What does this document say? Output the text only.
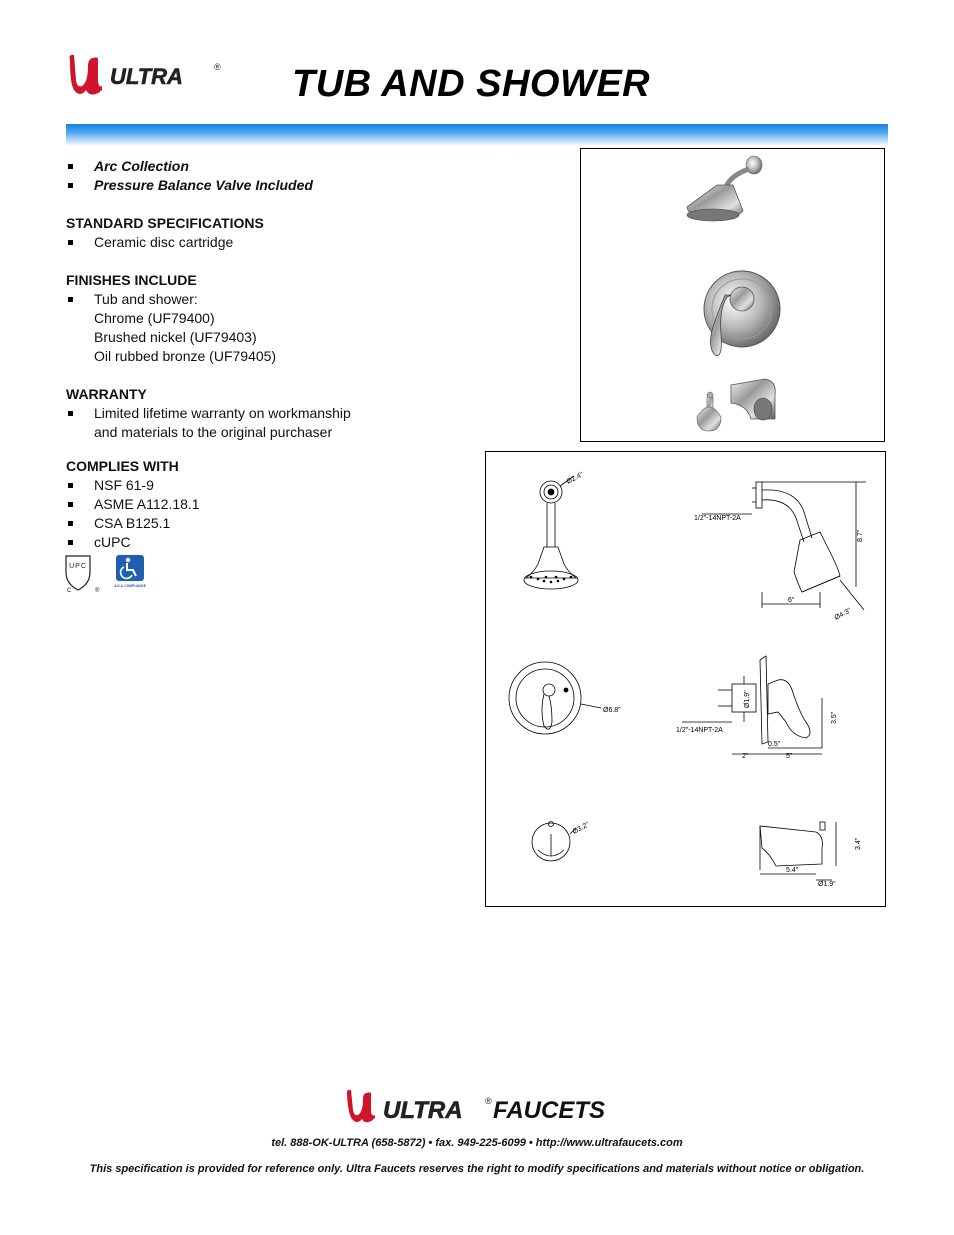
ULTRA	® TUB AND SHOWER
Arc Collection
Pressure Balance Valve Included
STANDARD SPECIFICATIONS
Ceramic disc cartridge
FINISHES INCLUDE
Tub and shower:
Chrome (UF79400)
Brushed nickel (UF79403)
Oil rubbed bronze (UF79405)
WARRANTY
Limited lifetime warranty on workmanship
and materials to the original purchaser
COMPLIES WITH
NSF 61-9
ASME A112.18.1
CSA B125.1
cUPC
UPC
C	®
A.D.A. COMPLIANCE
Ø2.4"
1/2"-14NPT-2A
8.7"
6"
Ø4.3"
Ø6.8"
Ø1.9"
1/2"-14NPT-2A
3.5"
0.5"
2"	5"
Ø3.2"
3.4"
5.4"
Ø1.9"
ULTRA ® FAUCETS
tel. 888-OK-ULTRA (658-5872) • fax. 949-225-6099 • http://www.ultrafaucets.com
This specification is provided for reference only. Ultra Faucets reserves the right to modify specifications and materials without notice or obligation.
